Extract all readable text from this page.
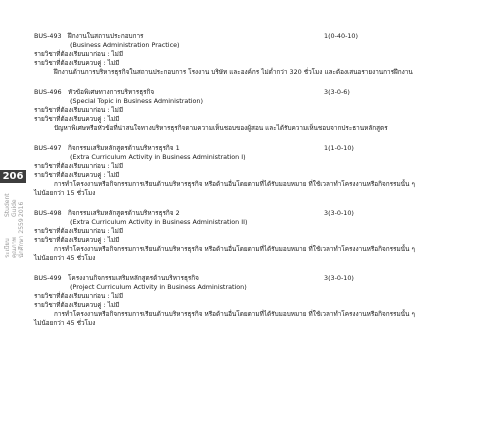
206
ระเบียบคุณภาพ นักศึกษา 2559
Student Guide 2016
BUS-493 ฝึกงานในสถานประกอบการ	1(0-40-10)
(Business Administration Practice)
รายวิชาที่ต้องเรียนมาก่อน : ไม่มี
รายวิชาที่ต้องเรียนควบคู่ : ไม่มี
ฝึกงานด้านการบริหารธุรกิจในสถานประกอบการ โรงงาน บริษัท และองค์กร ไม่ต่ำกว่า 320 ชั่วโมง และต้องเสนอรายงานการฝึกงาน
BUS-496 หัวข้อพิเศษทางการบริหารธุรกิจ	3(3-0-6)
(Special Topic in Business Administration)
รายวิชาที่ต้องเรียนมาก่อน : ไม่มี
รายวิชาที่ต้องเรียนควบคู่ : ไม่มี
ปัญหาพิเศษหรือหัวข้อที่น่าสนใจทางบริหารธุรกิจตามความเห็นชอบของผู้สอน และได้รับความเห็นชอบจากประธานหลักสูตร
BUS-497 กิจกรรมเสริมหลักสูตรด้านบริหารธุรกิจ 1	1(1-0-10)
(Extra Curriculum Activity in Business Administration I)
รายวิชาที่ต้องเรียนมาก่อน : ไม่มี
รายวิชาที่ต้องเรียนควบคู่ : ไม่มี
การทำโครงงานหรือกิจกรรมการเรียนด้านบริหารธุรกิจ หรือด้านอื่นโดยตามที่ได้รับมอบหมาย ที่ใช้เวลาทำโครงงานหรือกิจกรรมนั้น ๆ
ไม่น้อยกว่า 15 ชั่วโมง
BUS-498 กิจกรรมเสริมหลักสูตรด้านบริหารธุรกิจ 2	3(3-0-10)
(Extra Curriculum Activity in Business Administration II)
รายวิชาที่ต้องเรียนมาก่อน : ไม่มี
รายวิชาที่ต้องเรียนควบคู่ : ไม่มี
การทำโครงงานหรือกิจกรรมการเรียนด้านบริหารธุรกิจ หรือด้านอื่นโดยตามที่ได้รับมอบหมาย ที่ใช้เวลาทำโครงงานหรือกิจกรรมนั้น ๆ
ไม่น้อยกว่า 45 ชั่วโมง
BUS-499 โครงงานกิจกรรมเสริมหลักสูตรด้านบริหารธุรกิจ	3(3-0-10)
(Project Curriculum Activity in Business Administration)
รายวิชาที่ต้องเรียนมาก่อน : ไม่มี
รายวิชาที่ต้องเรียนควบคู่ : ไม่มี
การทำโครงงานหรือกิจกรรมการเรียนด้านบริหารธุรกิจ หรือด้านอื่นโดยตามที่ได้รับมอบหมาย ที่ใช้เวลาทำโครงงานหรือกิจกรรมนั้น ๆ
ไม่น้อยกว่า 45 ชั่วโมง
